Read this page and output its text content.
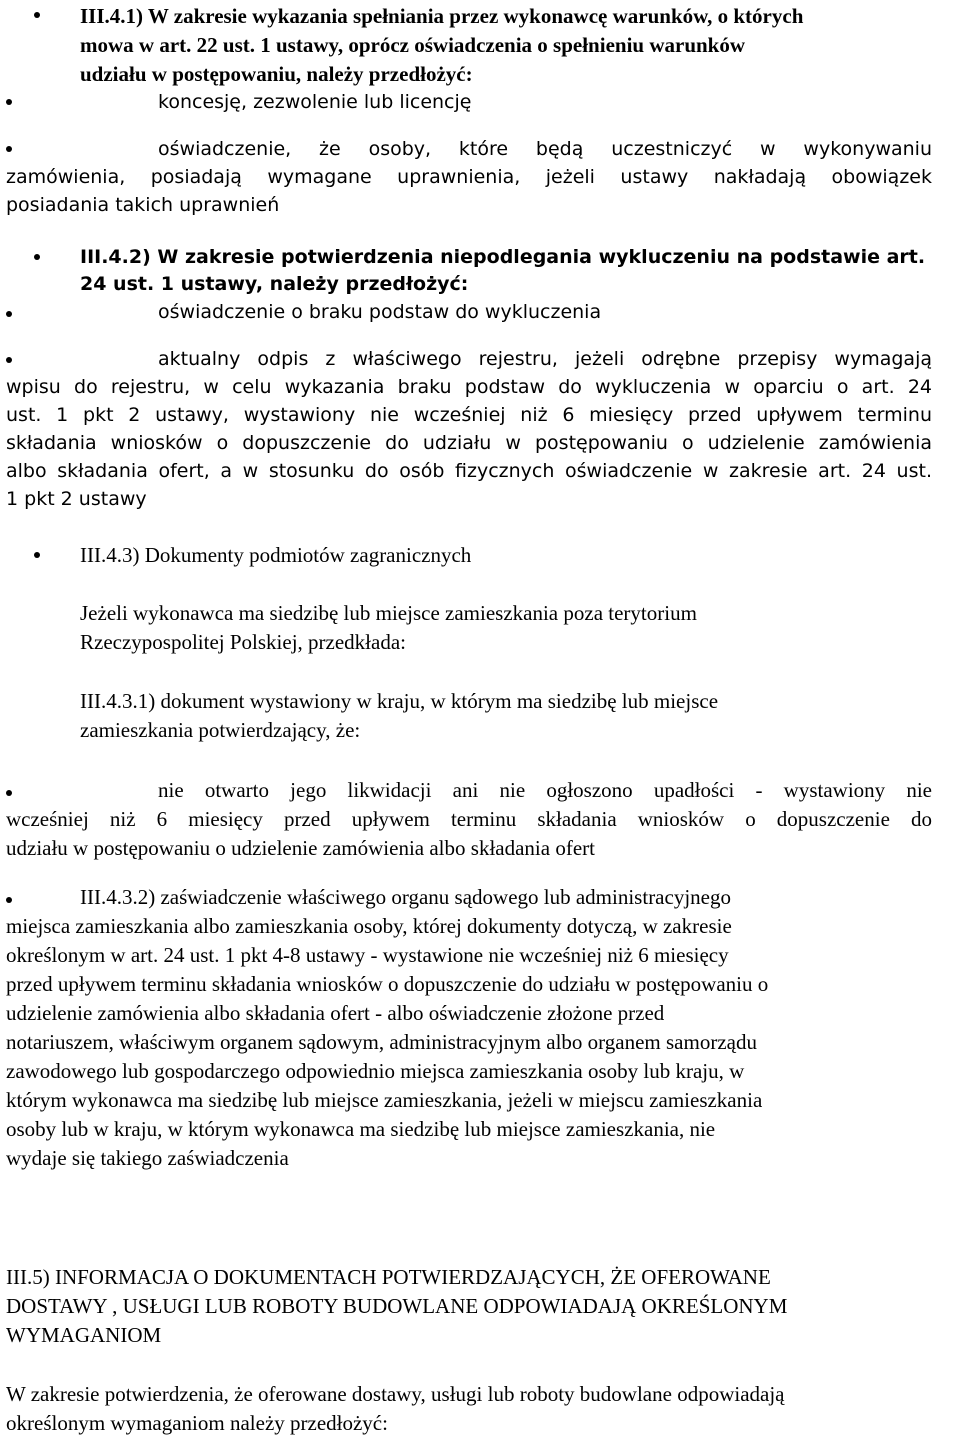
III.4.1) W zakresie wykazania spełniania przez wykonawcę warunków, o których
mowa w art. 22 ust. 1 ustawy, oprócz oświadczenia o spełnieniu warunków
udziału w postępowaniu, należy przedłożyć:
koncesję, zezwolenie lub licencję
oświadczenie, że osoby, które będą uczestniczyć w wykonywaniu
zamówienia, posiadają wymagane uprawnienia, jeżeli ustawy nakładają obowiązek
posiadania takich uprawnień
III.4.2) W zakresie potwierdzenia niepodlegania wykluczeniu na podstawie art.
24 ust. 1 ustawy, należy przedłożyć:
oświadczenie o braku podstaw do wykluczenia
aktualny odpis z właściwego rejestru, jeżeli odrębne przepisy wymagają
wpisu do rejestru, w celu wykazania braku podstaw do wykluczenia w oparciu o art. 24
ust. 1 pkt 2 ustawy, wystawiony nie wcześniej niż 6 miesięcy przed upływem terminu
składania wniosków o dopuszczenie do udziału w postępowaniu o udzielenie zamówienia
albo składania ofert, a w stosunku do osób fizycznych oświadczenie w zakresie art. 24 ust.
1 pkt 2 ustawy
III.4.3) Dokumenty podmiotów zagranicznych
Jeżeli wykonawca ma siedzibę lub miejsce zamieszkania poza terytorium
Rzeczypospolitej Polskiej, przedkłada:
III.4.3.1) dokument wystawiony w kraju, w którym ma siedzibę lub miejsce
zamieszkania potwierdzający, że:
nie otwarto jego likwidacji ani nie ogłoszono upadłości - wystawiony nie
wcześniej niż 6 miesięcy przed upływem terminu składania wniosków o dopuszczenie do
udziału w postępowaniu o udzielenie zamówienia albo składania ofert
III.4.3.2) zaświadczenie właściwego organu sądowego lub administracyjnego
miejsca zamieszkania albo zamieszkania osoby, której dokumenty dotyczą, w zakresie
określonym w art. 24 ust. 1 pkt 4-8 ustawy - wystawione nie wcześniej niż 6 miesięcy
przed upływem terminu składania wniosków o dopuszczenie do udziału w postępowaniu o
udzielenie zamówienia albo składania ofert - albo oświadczenie złożone przed
notariuszem, właściwym organem sądowym, administracyjnym albo organem samorządu
zawodowego lub gospodarczego odpowiednio miejsca zamieszkania osoby lub kraju, w
którym wykonawca ma siedzibę lub miejsce zamieszkania, jeżeli w miejscu zamieszkania
osoby lub w kraju, w którym wykonawca ma siedzibę lub miejsce zamieszkania, nie
wydaje się takiego zaświadczenia
III.5) INFORMACJA O DOKUMENTACH POTWIERDZAJĄCYCH, ŻE OFEROWANE
DOSTAWY , USŁUGI LUB ROBOTY BUDOWLANE ODPOWIADAJĄ OKREŚLONYM
WYMAGANIOM
W zakresie potwierdzenia, że oferowane dostawy, usługi lub roboty budowlane odpowiadają
określonym wymaganiom należy przedłożyć:
